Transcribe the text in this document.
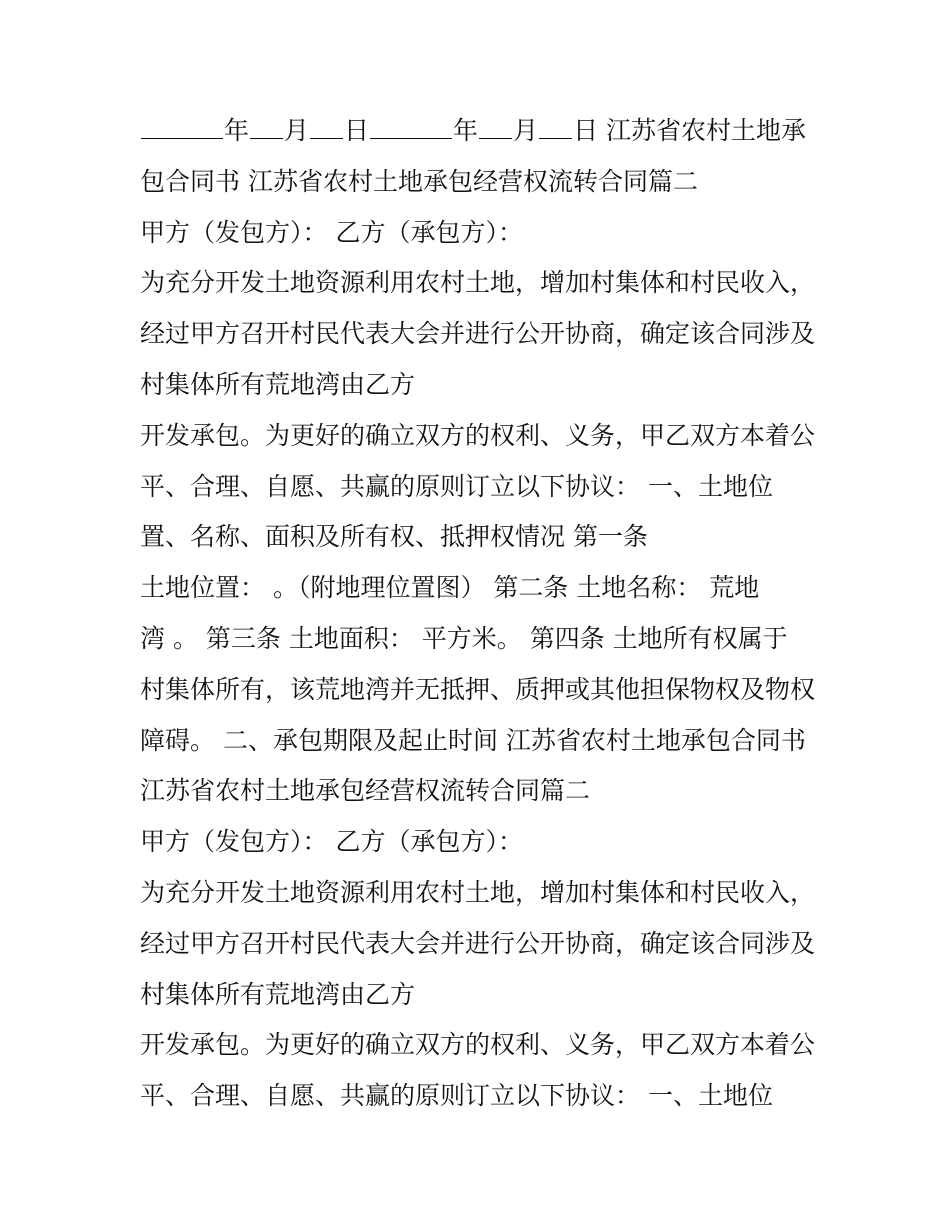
年 月 日	年 月 日 江苏省农村土地承
包合同书 江苏省农村土地承包经营权流转合同篇二
甲方（发包方）： 乙方（承包方）：
为充分开发土地资源利用农村土地，增加村集体和村民收入，
经过甲方召开村民代表大会并进行公开协商，确定该合同涉及
村集体所有荒地湾由乙方
开发承包。为更好的确立双方的权利、义务，甲乙双方本着公
平、合理、自愿、共赢的原则订立以下协议： 一、土地位
置、名称、面积及所有权、抵押权情况 第一条
土地位置： 。（附地理位置图） 第二条 土地名称： 荒地
湾 。 第三条 土地面积： 平方米。 第四条 土地所有权属于
村集体所有，该荒地湾并无抵押、质押或其他担保物权及物权
障碍。 二、承包期限及起止时间 江苏省农村土地承包合同书
江苏省农村土地承包经营权流转合同篇二
甲方（发包方）： 乙方（承包方）：
为充分开发土地资源利用农村土地，增加村集体和村民收入，
经过甲方召开村民代表大会并进行公开协商，确定该合同涉及
村集体所有荒地湾由乙方
开发承包。为更好的确立双方的权利、义务，甲乙双方本着公
平、合理、自愿、共赢的原则订立以下协议： 一、土地位
